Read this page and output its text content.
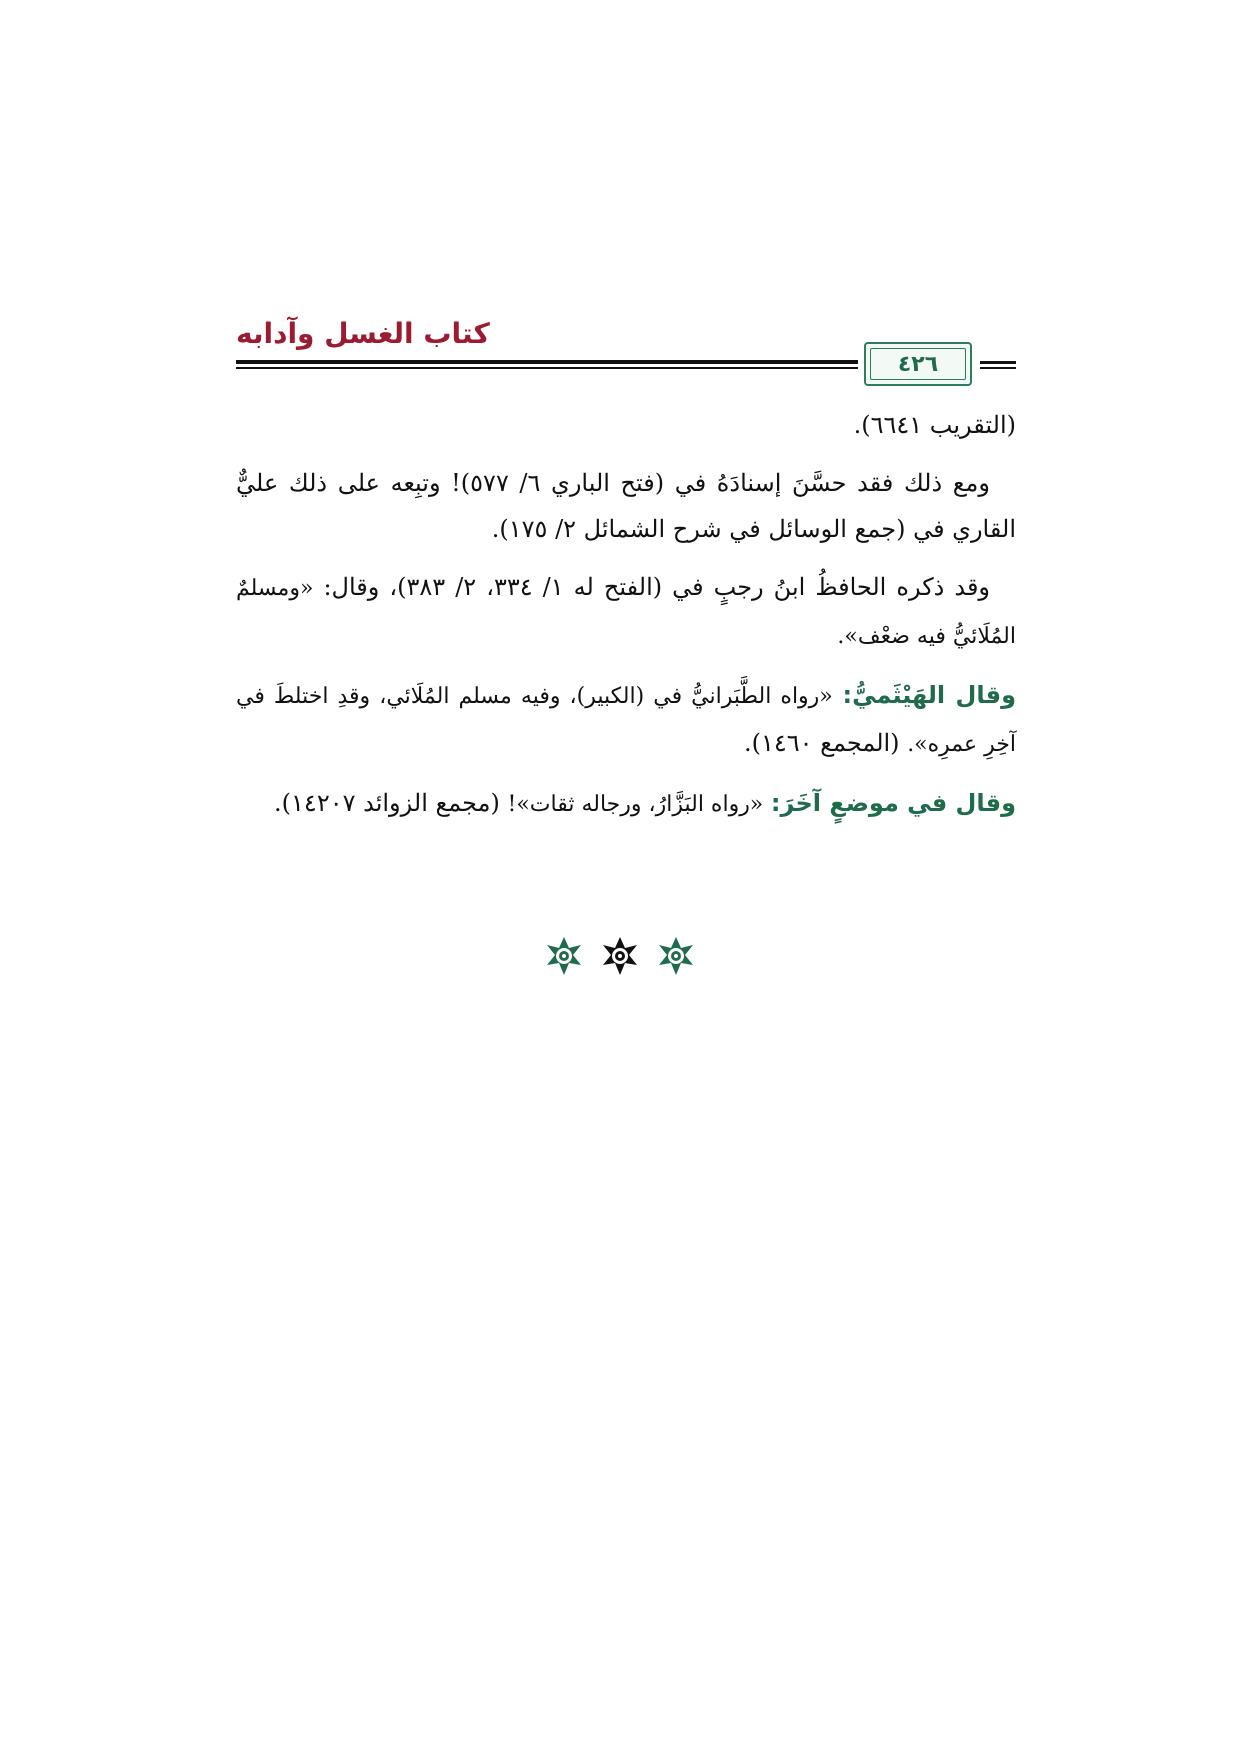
كتاب الغسل وآدابه
٤٢٦

(التقريب ٦٦٤١).

ومع ذلك فقد حسَّنَ إسنادَهُ في (فتح الباري ٦/ ٥٧٧)! وتبِعه على ذلك عليٌّ القاري في (جمع الوسائل في شرح الشمائل ٢/ ١٧٥).

وقد ذكره الحافظُ ابنُ رجبٍ في (الفتح له ١/ ٣٣٤، ٢/ ٣٨٣)، وقال: «ومسلمٌ المُلَائيُّ فيه ضعْف».

وقال الهَيْثَميُّ: «رواه الطَّبَرانيُّ في (الكبير)، وفيه مسلم المُلَائي، وقدِ اختلطَ في آخِرِ عمرِه». (المجمع ١٤٦٠).

وقال في موضعٍ آخَرَ: «رواه البَزَّارُ، ورجاله ثقات»! (مجمع الزوائد ١٤٢٠٧).
